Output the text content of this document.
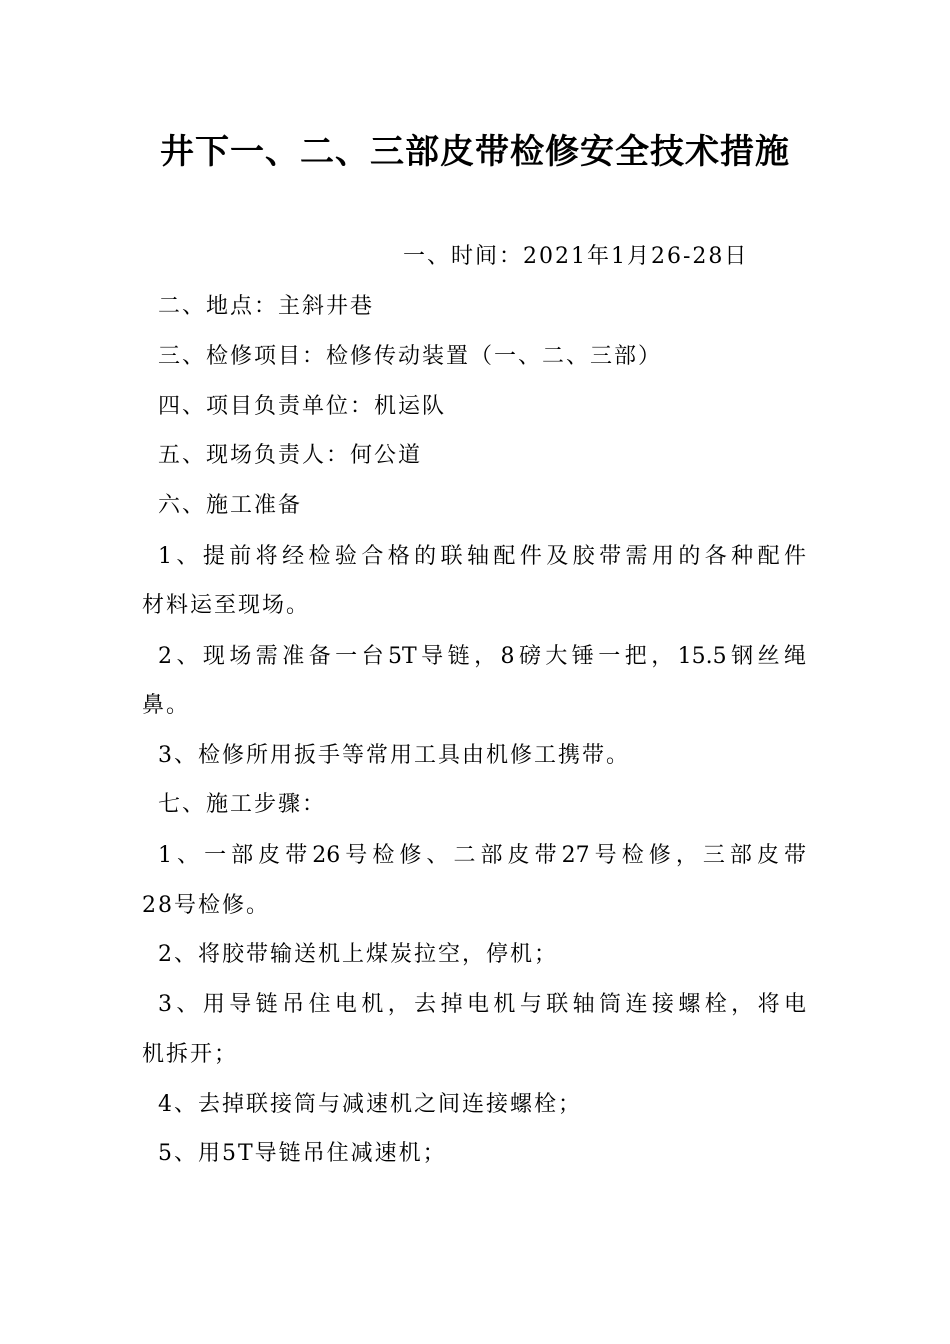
井下一、二、三部皮带检修安全技术措施
一、时间：2021年1月26-28日
二、地点：主斜井巷
三、检修项目：检修传动装置（一、二、三部）
四、项目负责单位：机运队
五、现场负责人：何公道
六、施工准备
1、提前将经检验合格的联轴配件及胶带需用的各种配件
材料运至现场。
2、现场需准备一台5T导链，8磅大锤一把，15.5钢丝绳
鼻。
3、检修所用扳手等常用工具由机修工携带。
七、施工步骤：
1、一部皮带26号检修、二部皮带27号检修，三部皮带
28号检修。
2、将胶带输送机上煤炭拉空，停机；
3、用导链吊住电机，去掉电机与联轴筒连接螺栓，将电
机拆开；
4、去掉联接筒与减速机之间连接螺栓；
5、用5T导链吊住减速机；
